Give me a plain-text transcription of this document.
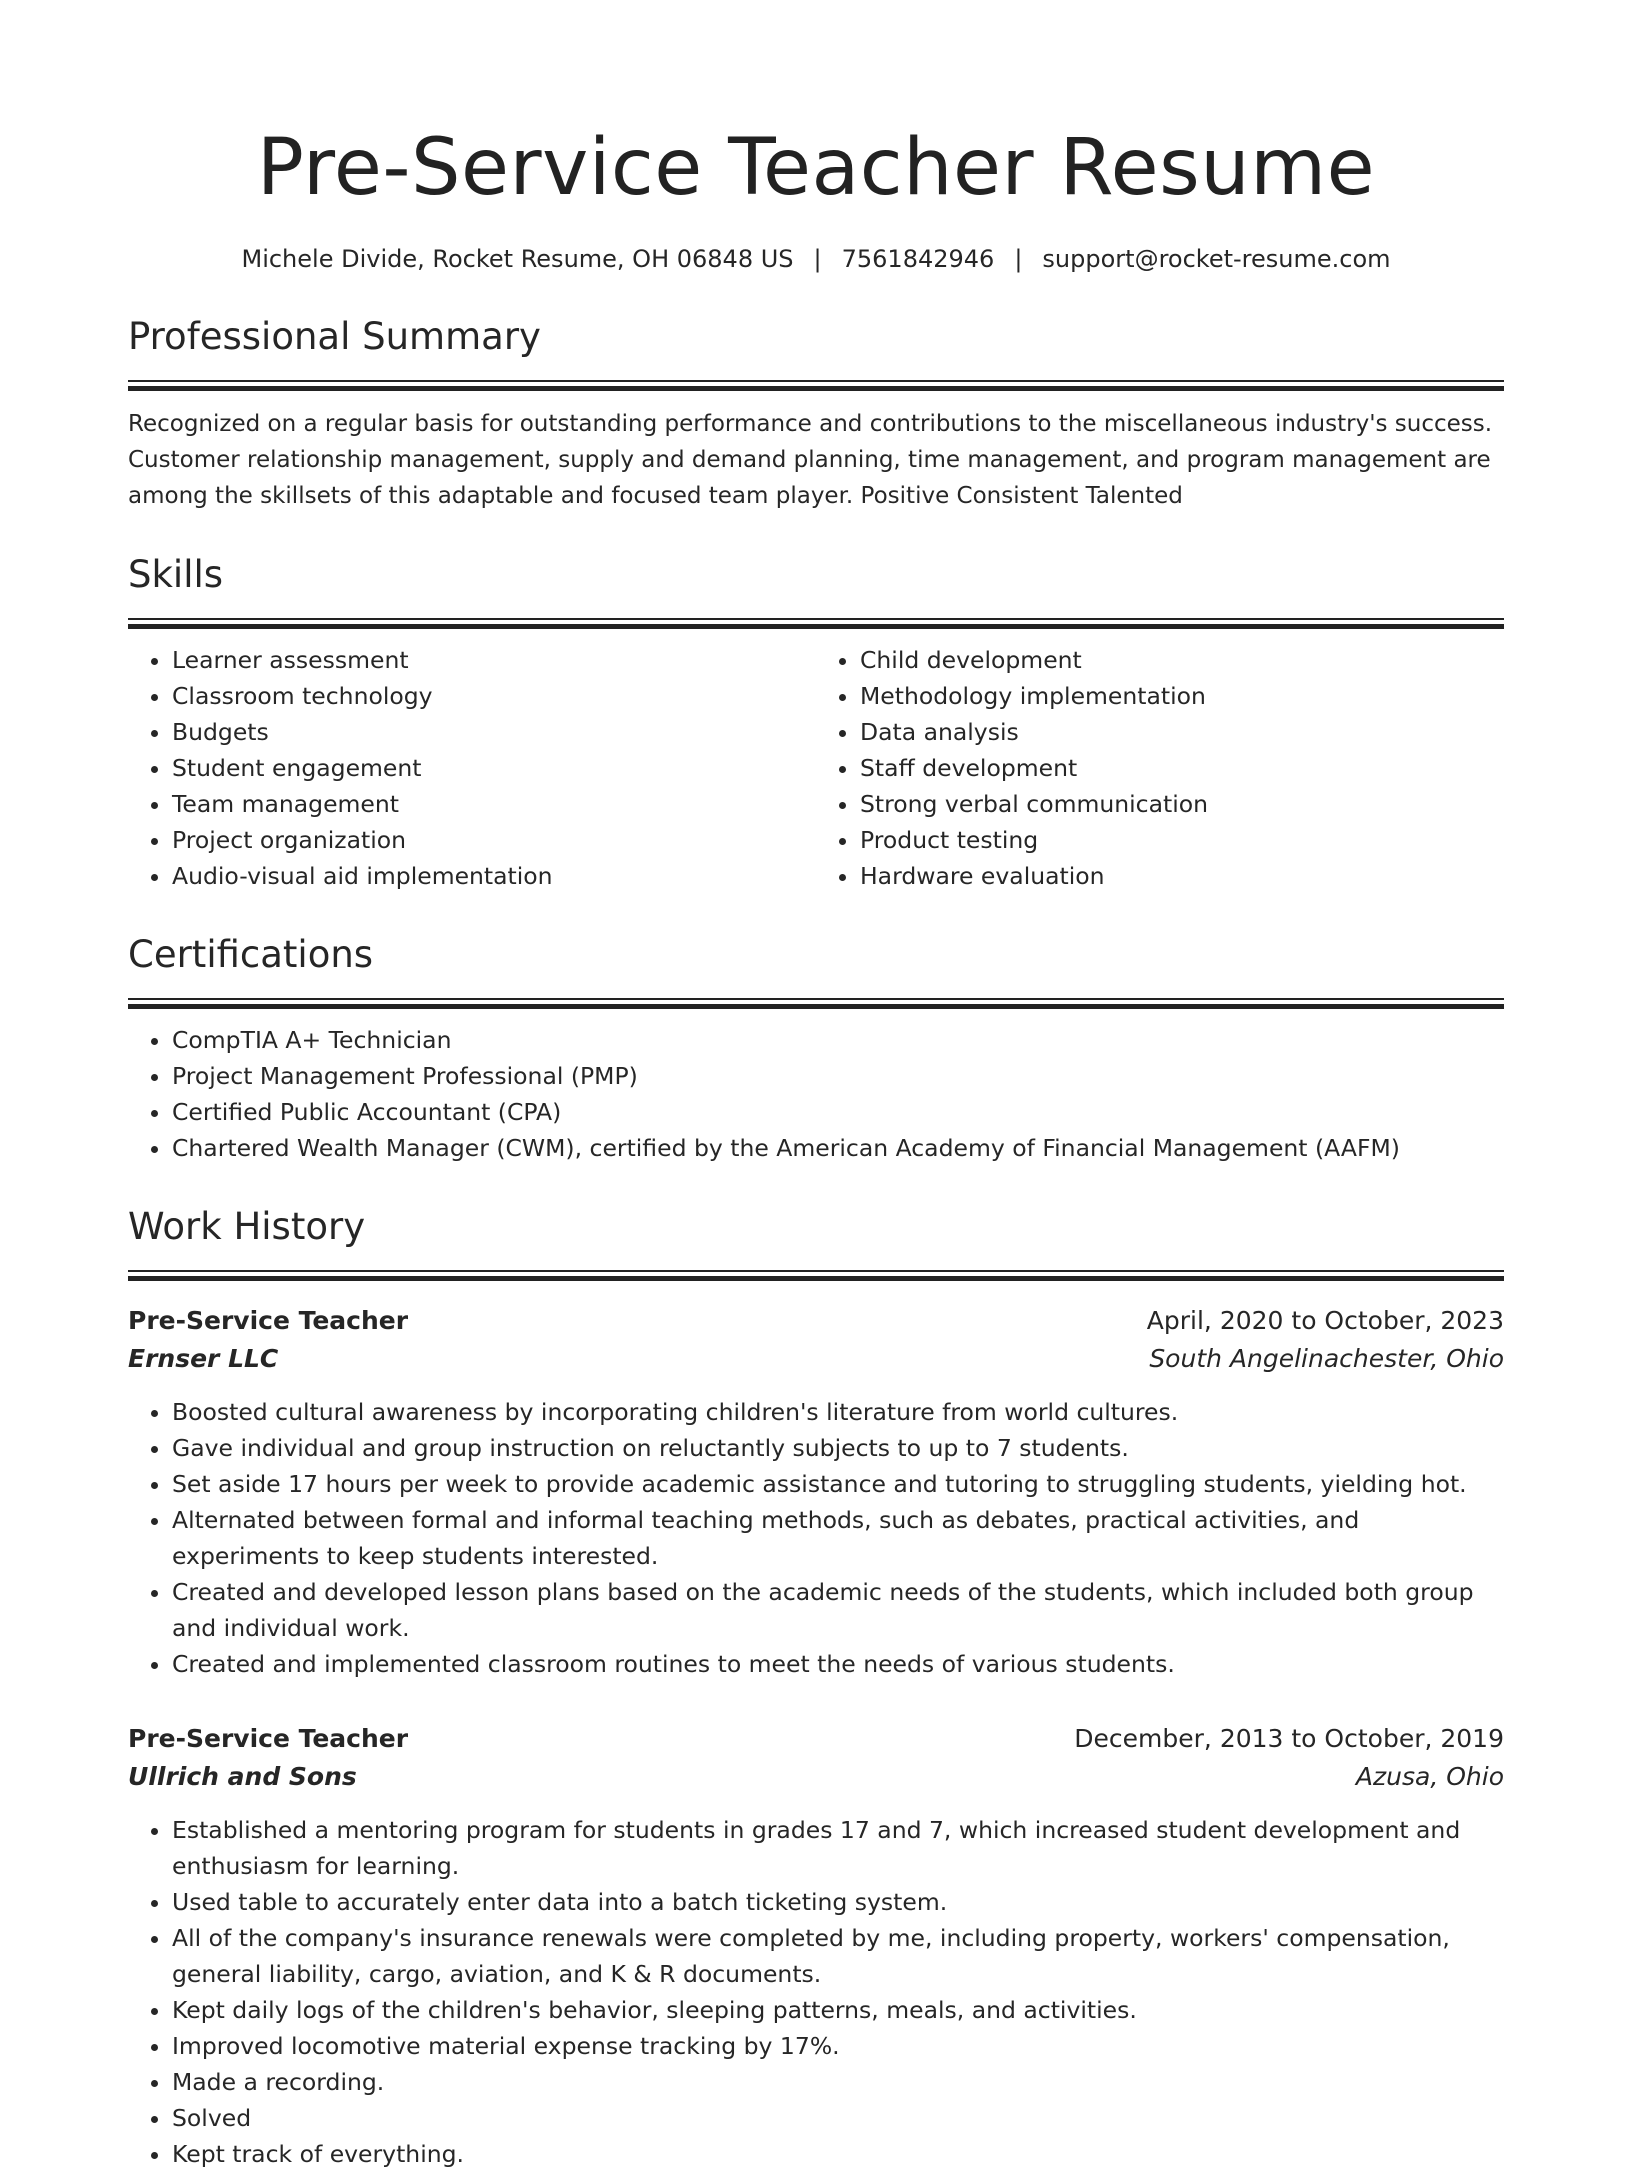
Pre-Service Teacher Resume
Michele Divide, Rocket Resume, OH 06848 US | 7561842946 | support@rocket-resume.com
Professional Summary
Recognized on a regular basis for outstanding performance and contributions to the miscellaneous industry's success. Customer relationship management, supply and demand planning, time management, and program management are among the skillsets of this adaptable and focused team player. Positive Consistent Talented
Skills
• Learner assessment
• Classroom technology
• Budgets
• Student engagement
• Team management
• Project organization
• Audio-visual aid implementation
• Child development
• Methodology implementation
• Data analysis
• Staff development
• Strong verbal communication
• Product testing
• Hardware evaluation
Certifications
• CompTIA A+ Technician
• Project Management Professional (PMP)
• Certified Public Accountant (CPA)
• Chartered Wealth Manager (CWM), certified by the American Academy of Financial Management (AAFM)
Work History
Pre-Service Teacher	April, 2020 to October, 2023
Ernser LLC	South Angelinachester, Ohio
• Boosted cultural awareness by incorporating children's literature from world cultures.
• Gave individual and group instruction on reluctantly subjects to up to 7 students.
• Set aside 17 hours per week to provide academic assistance and tutoring to struggling students, yielding hot.
• Alternated between formal and informal teaching methods, such as debates, practical activities, and experiments to keep students interested.
• Created and developed lesson plans based on the academic needs of the students, which included both group and individual work.
• Created and implemented classroom routines to meet the needs of various students.
Pre-Service Teacher	December, 2013 to October, 2019
Ullrich and Sons	Azusa, Ohio
• Established a mentoring program for students in grades 17 and 7, which increased student development and enthusiasm for learning.
• Used table to accurately enter data into a batch ticketing system.
• All of the company's insurance renewals were completed by me, including property, workers' compensation, general liability, cargo, aviation, and K & R documents.
• Kept daily logs of the children's behavior, sleeping patterns, meals, and activities.
• Improved locomotive material expense tracking by 17%.
• Made a recording.
• Solved
• Kept track of everything.
